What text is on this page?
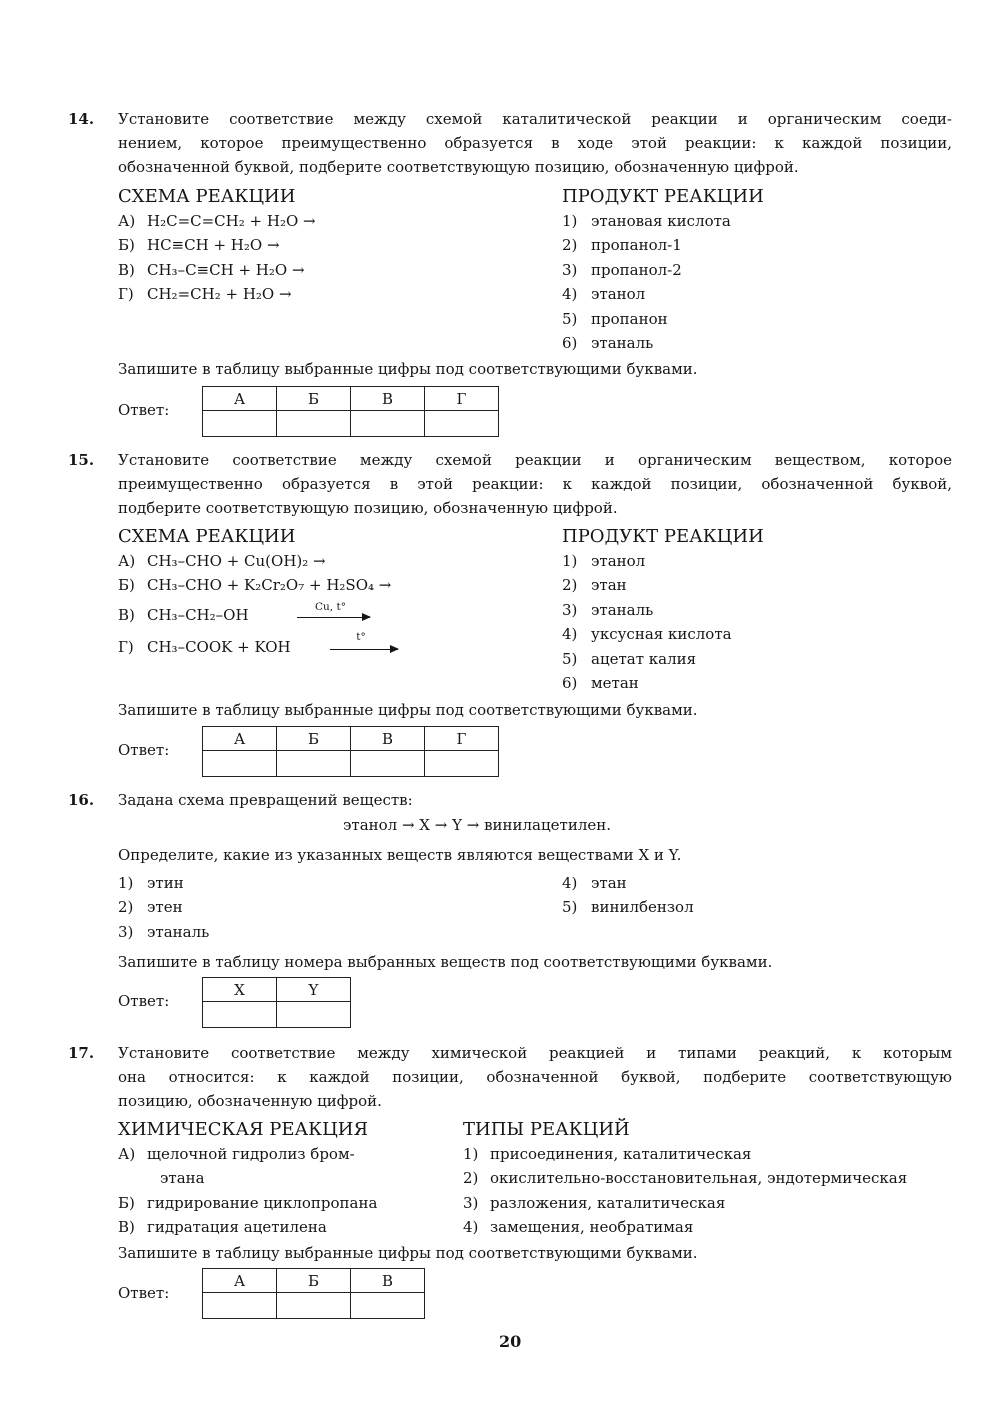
14. Установите соответствие между схемой каталитической реакции и органическим соеди-
нением, которое преимущественно образуется в ходе этой реакции: к каждой позиции,
обозначенной буквой, подберите соответствующую позицию, обозначенную цифрой.
СХЕМА РЕАКЦИИ
А) H₂C=C=CH₂ + H₂O →
Б) HC≡CH + H₂O →
В) CH₃–C≡CH + H₂O →
Г) CH₂=CH₂ + H₂O →
ПРОДУКТ РЕАКЦИИ
1) этановая кислота
2) пропанол-1
3) пропанол-2
4) этанол
5) пропанон
6) этаналь
Запишите в таблицу выбранные цифры под соответствующими буквами.
Ответ:
А	Б	В	Г

15. Установите соответствие между схемой реакции и органическим веществом, которое
преимущественно образуется в этой реакции: к каждой позиции, обозначенной буквой,
подберите соответствующую позицию, обозначенную цифрой.
СХЕМА РЕАКЦИИ
А) CH₃–CHO + Cu(OH)₂ →
Б) CH₃–CHO + K₂Cr₂O₇ + H₂SO₄ →
В) CH₃–CH₂–OH	Cu, t°
Г) CH₃–COOK + KOH
t°
ПРОДУКТ РЕАКЦИИ
1) этанол
2) этан
3) этаналь
4) уксусная кислота
5) ацетат калия
6) метан
Запишите в таблицу выбранные цифры под соответствующими буквами.
Ответ:
А	Б	В	Г

16. Задана схема превращений веществ:
этанол → X → Y → винилацетилен.
Определите, какие из указанных веществ являются веществами X и Y.
1) этин
2) этен
3) этаналь
4) этан
5) винилбензол
Запишите в таблицу номера выбранных веществ под соответствующими буквами.
Ответ:
X	Y

17. Установите соответствие между химической реакцией и типами реакций, к которым
она относится: к каждой позиции, обозначенной буквой, подберите соответствующую
позицию, обозначенную цифрой.
ХИМИЧЕСКАЯ РЕАКЦИЯ
А) щелочной гидролиз бром-
этана
Б) гидрирование циклопропана
В) гидратация ацетилена
ТИПЫ РЕАКЦИЙ
1) присоединения, каталитическая
2) окислительно-восстановительная, эндотермическая
3) разложения, каталитическая
4) замещения, необратимая
Запишите в таблицу выбранные цифры под соответствующими буквами.
Ответ:
А	Б	В

20
